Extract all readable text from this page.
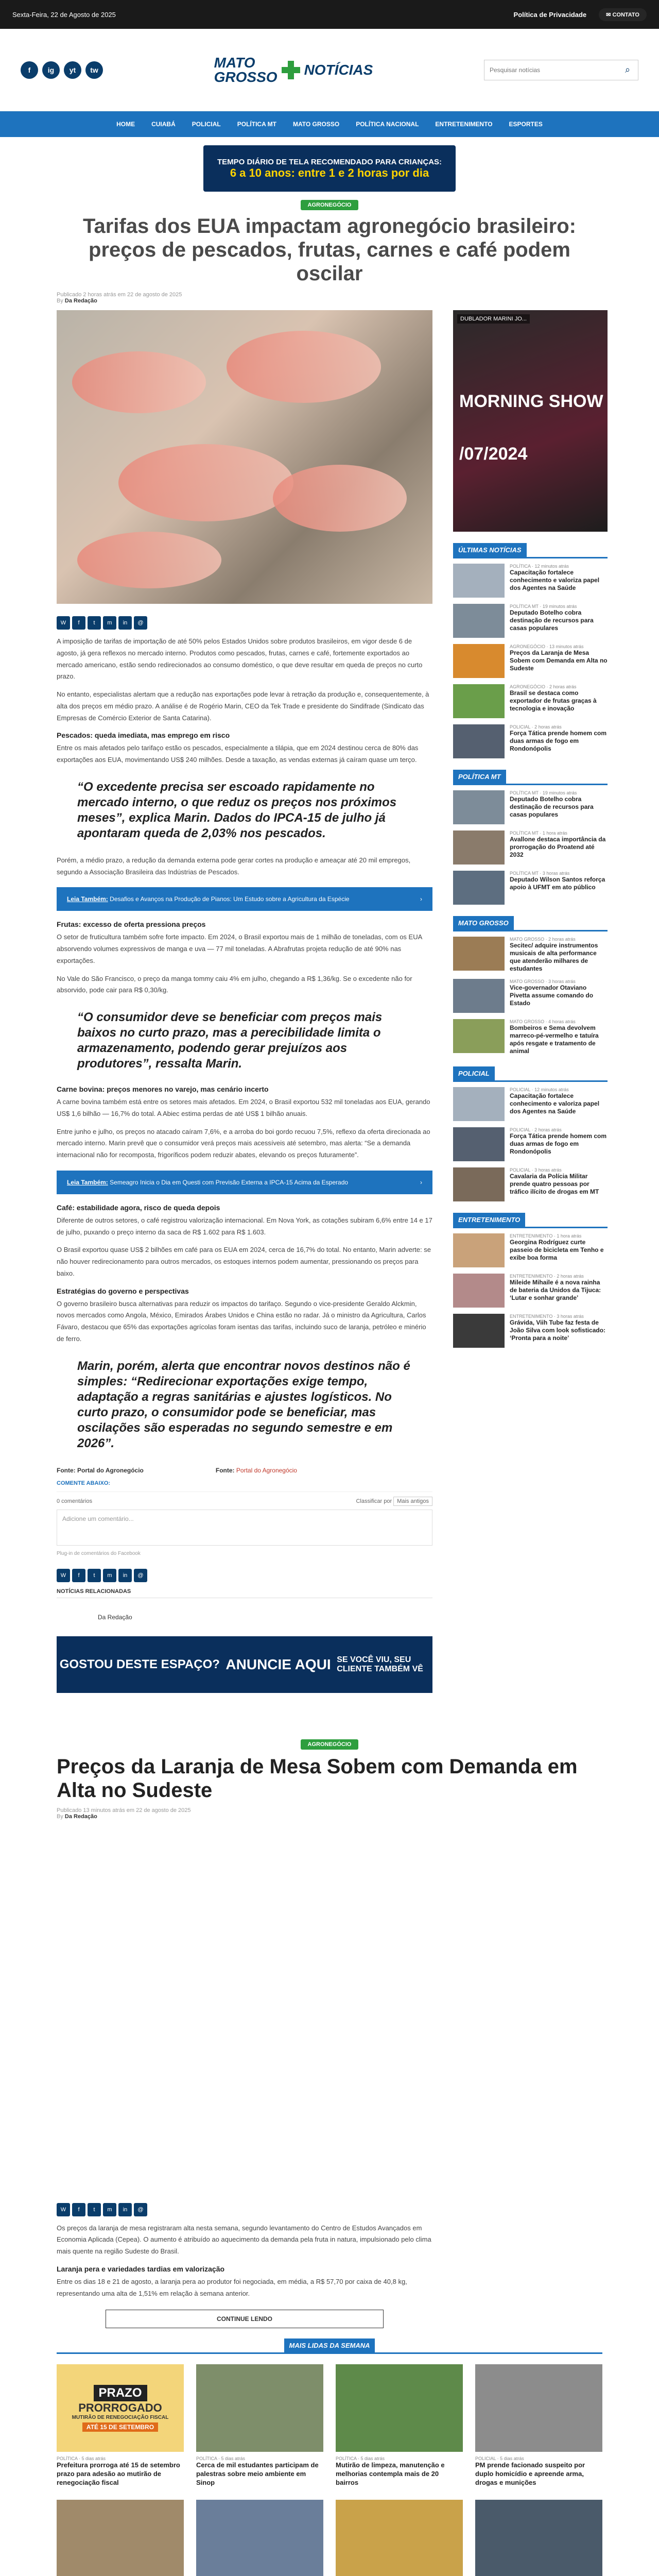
Sexta-Feira, 22 de Agosto de 2025	Política de Privacidade	✉ CONTATO
f	ig	yt	tw	MATO
GROSSO NOTÍCIAS
Pesquisar notícias	⌕
HOME	CUIABÁ	POLICIAL	POLÍTICA MT	MATO GROSSO	POLÍTICA NACIONAL	ENTRETENIMENTO	ESPORTES
TEMPO DIÁRIO DE TELA RECOMENDADO PARA CRIANÇAS:
6 a 10 anos: entre 1 e 2 horas por dia
AGRONEGÓCIO
Tarifas dos EUA impactam agronegócio brasileiro: preços de pescados, frutas, carnes e café podem oscilar
Publicado 2 horas atrás em 22 de agosto de 2025
By Da Redação
W	f	t	m	in	@

A imposição de tarifas de importação de até 50% pelos Estados Unidos sobre produtos brasileiros, em vigor desde 6 de agosto, já gera reflexos no mercado interno. Produtos como pescados, frutas, carnes e café, fortemente exportados ao mercado americano, estão sendo redirecionados ao consumo doméstico, o que deve resultar em queda de preços no curto prazo.

No entanto, especialistas alertam que a redução nas exportações pode levar à retração da produção e, consequentemente, à alta dos preços em médio prazo. A análise é de Rogério Marin, CEO da Tek Trade e presidente do Sindifrade (Sindicato das Empresas de Comércio Exterior de Santa Catarina).

Pescados: queda imediata, mas emprego em risco

Entre os mais afetados pelo tarifaço estão os pescados, especialmente a tilápia, que em 2024 destinou cerca de 80% das exportações aos EUA, movimentando US$ 240 milhões. Desde a taxação, as vendas externas já caíram quase um terço.

“O excedente precisa ser escoado rapidamente no mercado interno, o que reduz os preços nos próximos meses”, explica Marin. Dados do IPCA-15 de julho já apontaram queda de 2,03% nos pescados.

Porém, a médio prazo, a redução da demanda externa pode gerar cortes na produção e ameaçar até 20 mil empregos, segundo a Associação Brasileira das Indústrias de Pescados.

Leia Também: Desafios e Avanços na Produção de Pianos: Um Estudo sobre a Agricultura da Espécie	›
Frutas: excesso de oferta pressiona preços

O setor de fruticultura também sofre forte impacto. Em 2024, o Brasil exportou mais de 1 milhão de toneladas, com os EUA absorvendo volumes expressivos de manga e uva — 77 mil toneladas. A Abrafrutas projeta redução de até 90% nas exportações.

No Vale do São Francisco, o preço da manga tommy caiu 4% em julho, chegando a R$ 1,36/kg. Se o excedente não for absorvido, pode cair para R$ 0,30/kg.

“O consumidor deve se beneficiar com preços mais baixos no curto prazo, mas a perecibilidade limita o armazenamento, podendo gerar prejuízos aos produtores”, ressalta Marin.
Carne bovina: preços menores no varejo, mas cenário incerto

A carne bovina também está entre os setores mais afetados. Em 2024, o Brasil exportou 532 mil toneladas aos EUA, gerando US$ 1,6 bilhão — 16,7% do total. A Abiec estima perdas de até US$ 1 bilhão anuais.

Entre junho e julho, os preços no atacado caíram 7,6%, e a arroba do boi gordo recuou 7,5%, reflexo da oferta direcionada ao mercado interno. Marin prevê que o consumidor verá preços mais acessíveis até setembro, mas alerta: “Se a demanda internacional não for recomposta, frigoríficos podem reduzir abates, elevando os preços futuramente”.

Leia Também: Semeagro Inicia o Dia em Questi com Previsão Externa a IPCA-15 Acima da Esperado	›
Café: estabilidade agora, risco de queda depois

Diferente de outros setores, o café registrou valorização internacional. Em Nova York, as cotações subiram 6,6% entre 14 e 17 de julho, puxando o preço interno da saca de R$ 1.602 para R$ 1.603.

O Brasil exportou quase US$ 2 bilhões em café para os EUA em 2024, cerca de 16,7% do total. No entanto, Marin adverte: se não houver redirecionamento para outros mercados, os estoques internos podem aumentar, pressionando os preços para baixo.

Estratégias do governo e perspectivas

O governo brasileiro busca alternativas para reduzir os impactos do tarifaço. Segundo o vice-presidente Geraldo Alckmin, novos mercados como Angola, México, Emirados Árabes Unidos e China estão no radar. Já o ministro da Agricultura, Carlos Fávaro, destacou que 65% das exportações agrícolas foram isentas das tarifas, incluindo suco de laranja, petróleo e minério de ferro.

Marin, porém, alerta que encontrar novos destinos não é simples: “Redirecionar exportações exige tempo, adaptação a regras sanitárias e ajustes logísticos. No curto prazo, o consumidor pode se beneficiar, mas oscilações são esperadas no segundo semestre e em 2026”.
Fonte: Portal do Agronegócio	Fonte: Portal do Agronegócio
COMENTE ABAIXO:
0 comentários	Classificar por Mais antigos
Adicione um comentário...
Plug-in de comentários do Facebook
W	f	t	m	in	@
NOTÍCIAS RELACIONADAS
Da Redação
GOSTOU DESTE ESPAÇO? ANUNCIE AQUI SE VOCÊ VIU, SEU CLIENTE TAMBÉM VÊ
DUBLADOR MARINI JO...
MORNING SHOW
/07/2024
ÚLTIMAS NOTÍCIAS
POLÍTICA · 12 minutos atrás
Capacitação fortalece conhecimento e valoriza papel dos Agentes na Saúde
POLÍTICA MT · 19 minutos atrás
Deputado Botelho cobra destinação de recursos para casas populares
AGRONEGÓCIO · 13 minutos atrás
Preços da Laranja de Mesa Sobem com Demanda em Alta no Sudeste
AGRONEGÓCIO · 2 horas atrás
Brasil se destaca como exportador de frutas graças à tecnologia e inovação
POLICIAL · 2 horas atrás
Força Tática prende homem com duas armas de fogo em Rondonópolis
POLÍTICA MT
POLÍTICA MT · 19 minutos atrás
Deputado Botelho cobra destinação de recursos para casas populares
POLÍTICA MT · 1 hora atrás
Avallone destaca importância da prorrogação do Proatend até 2032
POLÍTICA MT · 3 horas atrás
Deputado Wilson Santos reforça apoio à UFMT em ato público
MATO GROSSO
MATO GROSSO · 2 horas atrás
Secitec/ adquire instrumentos musicais de alta performance que atenderão milhares de estudantes
MATO GROSSO · 3 horas atrás
Vice-governador Otaviano Pivetta assume comando do Estado
MATO GROSSO · 4 horas atrás
Bombeiros e Sema devolvem marreco-pé-vermelho e tatuíra após resgate e tratamento de animal
POLICIAL
POLICIAL · 12 minutos atrás
Capacitação fortalece conhecimento e valoriza papel dos Agentes na Saúde
POLICIAL · 2 horas atrás
Força Tática prende homem com duas armas de fogo em Rondonópolis
POLICIAL · 3 horas atrás
Cavalaria da Polícia Militar prende quatro pessoas por tráfico ilícito de drogas em MT
ENTRETENIMENTO
ENTRETENIMENTO · 1 hora atrás
Georgina Rodríguez curte passeio de bicicleta em Tenho e exibe boa forma
ENTRETENIMENTO · 2 horas atrás
Mileide Mihaile é a nova rainha de bateria da Unidos da Tijuca: ‘Lutar e sonhar grande’
ENTRETENIMENTO · 3 horas atrás
Grávida, Viih Tube faz festa de João Silva com look sofisticado: ‘Pronta para a noite’
AGRONEGÓCIO
Preços da Laranja de Mesa Sobem com Demanda em Alta no Sudeste
Publicado 13 minutos atrás em 22 de agosto de 2025
By Da Redação
W	f	t	m	in	@

Os preços da laranja de mesa registraram alta nesta semana, segundo levantamento do Centro de Estudos Avançados em Economia Aplicada (Cepea). O aumento é atribuído ao aquecimento da demanda pela fruta in natura, impulsionado pelo clima mais quente na região Sudeste do Brasil.

Laranja pera e variedades tardias em valorização

Entre os dias 18 e 21 de agosto, a laranja pera ao produtor foi negociada, em média, a R$ 57,70 por caixa de 40,8 kg, representando uma alta de 1,51% em relação à semana anterior.

CONTINUE LENDO
MAIS LIDAS DA SEMANA
PRAZO
PRORROGADO
MUTIRÃO DE RENEGOCIAÇÃO FISCAL
ATÉ 15 DE SETEMBRO
POLÍTICA · 5 dias atrás
Prefeitura prorroga até 15 de setembro prazo para adesão ao mutirão de renegociação fiscal
POLÍTICA · 5 dias atrás
Cerca de mil estudantes participam de palestras sobre meio ambiente em Sinop
POLÍTICA · 5 dias atrás
Mutirão de limpeza, manutenção e melhorias contempla mais de 20 bairros
POLICIAL · 5 dias atrás
PM prende facionado suspeito por duplo homicídio e apreende arma, drogas e munições
